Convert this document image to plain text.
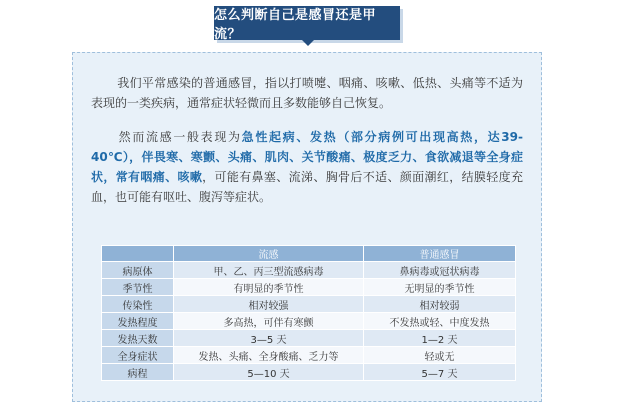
怎么判断自己是感冒还是甲流？

我们平常感染的普通感冒，指以打喷嚏、咽痛、咳嗽、低热、头痛等不适为表现的一类疾病，通常症状轻微而且多数能够自己恢复。

然而流感一般表现为急性起病、发热（部分病例可出现高热，达39-40℃），伴畏寒、寒颤、头痛、肌肉、关节酸痛、极度乏力、食欲减退等全身症状，常有咽痛、咳嗽，可能有鼻塞、流涕、胸骨后不适、颜面潮红，结膜轻度充血，也可能有呕吐、腹泻等症状。

	流感	普通感冒
病原体	甲、乙、丙三型流感病毒	鼻病毒或冠状病毒
季节性	有明显的季节性	无明显的季节性
传染性	相对较强	相对较弱
发热程度	多高热，可伴有寒颤	不发热或轻、中度发热
发热天数	3—5 天	1—2 天
全身症状	发热、头痛、全身酸痛、乏力等	轻或无
病程	5—10 天	5—7 天
